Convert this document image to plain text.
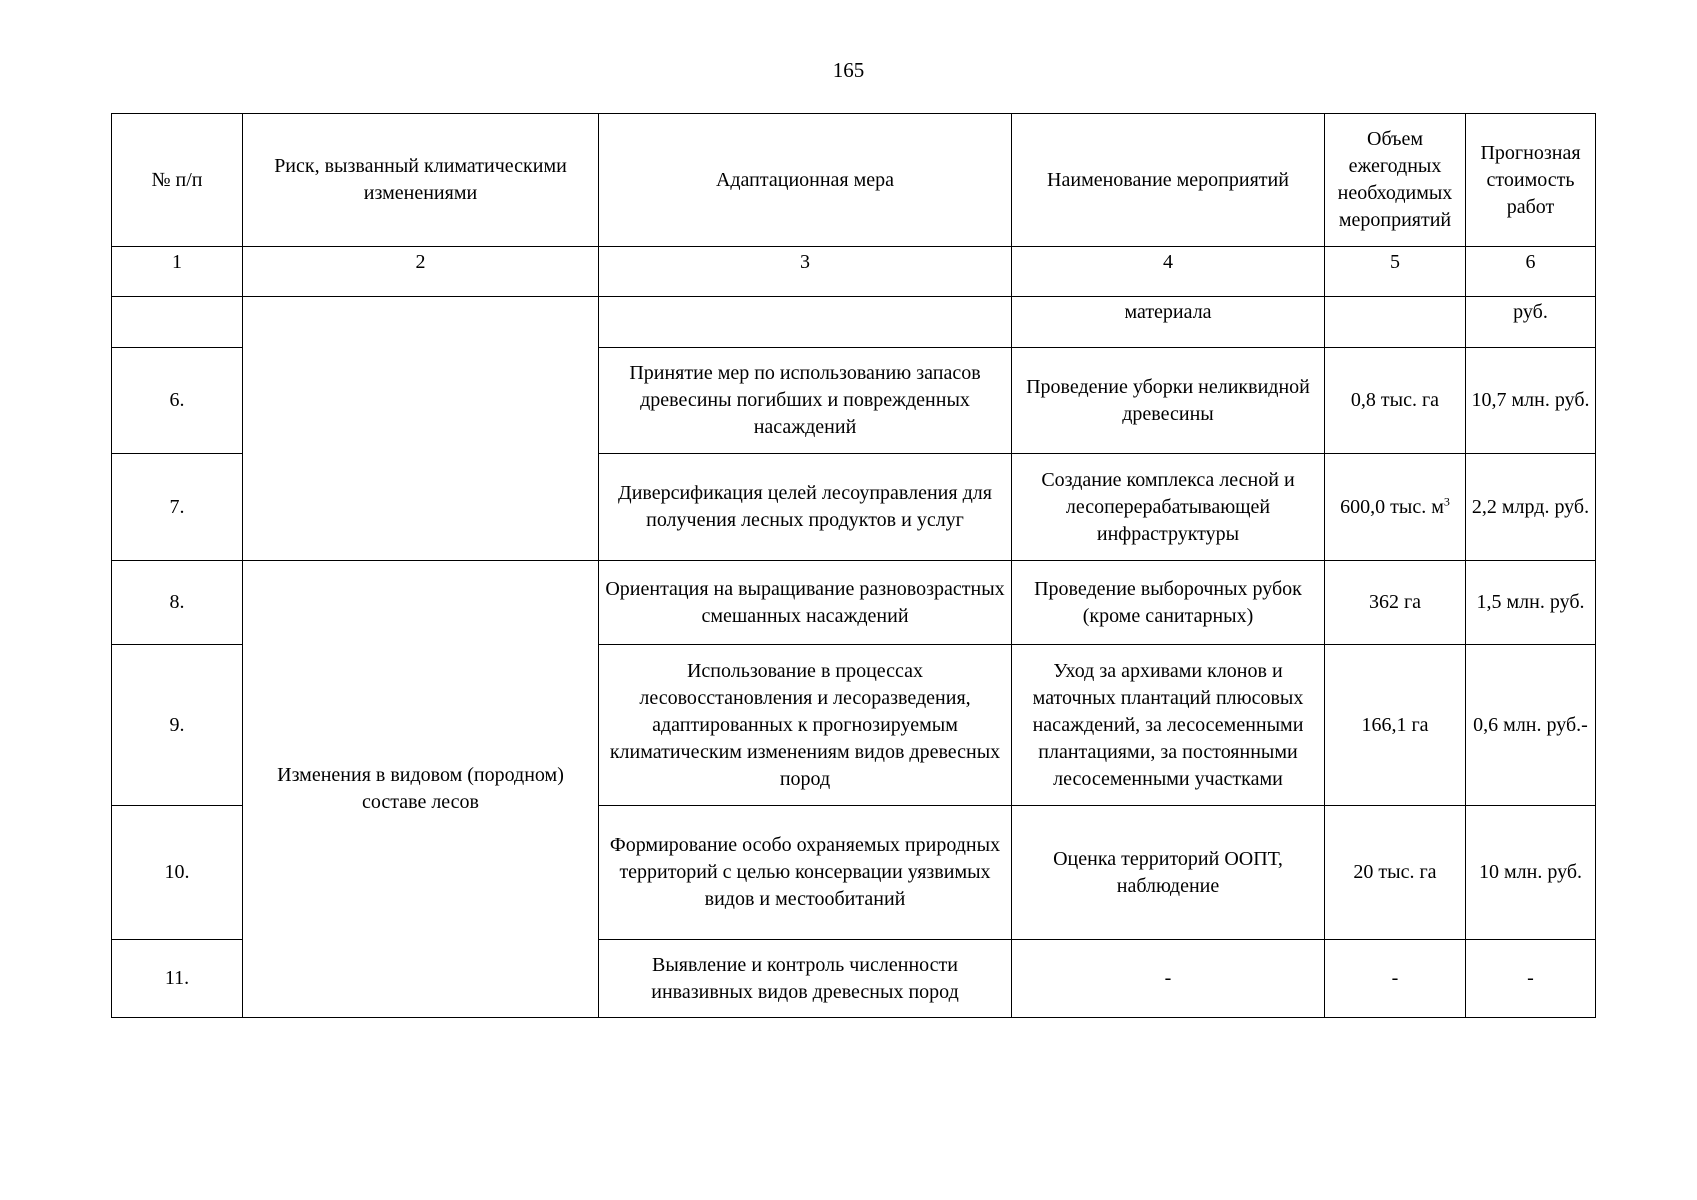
165
№ п/п	Риск, вызванный климатическими изменениями	Адаптационная мера	Наименование мероприятий	Объем ежегодных необходимых мероприятий	Прогнозная стоимость работ
1	2	3	4	5	6
			материала		руб.
6.		Принятие мер по использованию запасов древесины погибших и поврежденных насаждений	Проведение уборки неликвидной древесины	0,8 тыс. га	10,7 млн. руб.
7.		Диверсификация целей лесоуправления для получения лесных продуктов и услуг	Создание комплекса лесной и лесоперерабатывающей инфраструктуры	600,0 тыс. $м^3$	2,2 млрд. руб.
8.	Изменения в видовом (породном) составе лесов	Ориентация на выращивание разновозрастных смешанных насаждений	Проведение выборочных рубок (кроме санитарных)	362 га	1,5 млн. руб.
9.		Использование в процессах лесовосстановления и лесоразведения, адаптированных к прогнозируемым климатическим изменениям видов древесных пород	Уход за архивами клонов и маточных плантаций плюсовых насаждений, за лесосеменными плантациями, за постоянными лесосеменными участками	166,1 га	0,6 млн. руб.-
10.		Формирование особо охраняемых природных территорий с целью консервации уязвимых видов и местообитаний	Оценка территорий ООПТ, наблюдение	20 тыс. га	10 млн. руб.
11.		Выявление и контроль численности инвазивных видов древесных пород	-	-	-
